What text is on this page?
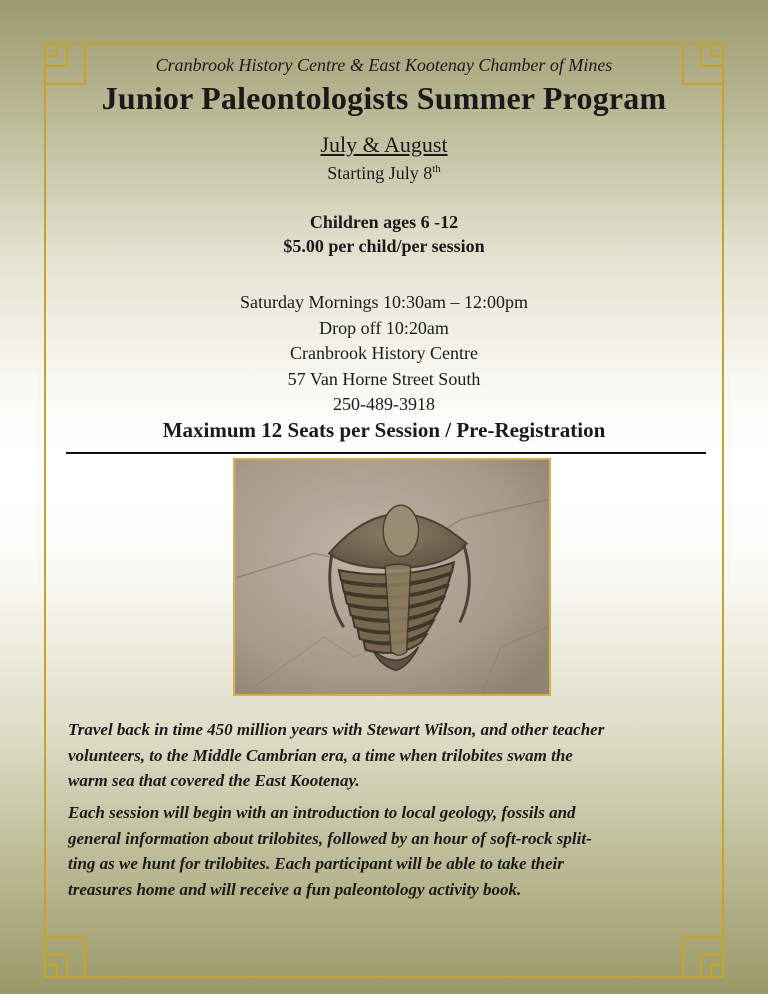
Cranbrook History Centre & East Kootenay Chamber of Mines
Junior Paleontologists Summer Program
July & August
Starting July 8th
Children ages 6 -12
$5.00 per child/per session
Saturday Mornings 10:30am – 12:00pm
Drop off 10:20am
Cranbrook History Centre
57 Van Horne Street South
250-489-3918
Maximum 12 Seats per Session / Pre-Registration
Travel back in time 450 million years with Stewart Wilson, and other teacher
volunteers, to the Middle Cambrian era, a time when trilobites swam the
warm sea that covered the East Kootenay.
Each session will begin with an introduction to local geology, fossils and
general information about trilobites, followed by an hour of soft-rock split-
ting as we hunt for trilobites. Each participant will be able to take their
treasures home and will receive a fun paleontology activity book.
